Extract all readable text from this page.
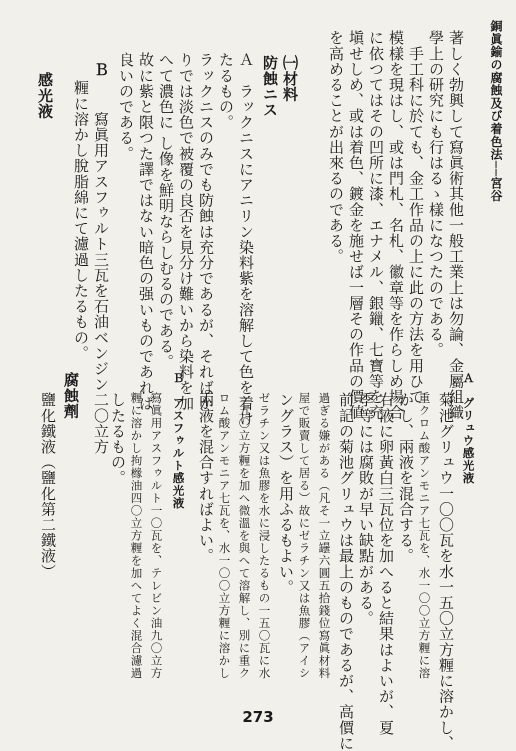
銅眞鍮の腐蝕及び着色法──宮谷
著しく勃興して寫眞術其他一般工業上は勿論、金屬組織
學上の研究にも行はるゝ樣になつたのである。
　手工科に於ても、金工作品の上に此の方法を用ひて
模樣を現はし、或は門札、名札、徽章等を作らしめ場合
に依つてはその凹所に漆、エナメル、銀鑞、七寶等を充
塡せしめ、或は着色、鍍金を施せば一層その作品の價値
を高めることが出來るのである。
㈠材料
防蝕ニス
Ａ　ラックニスにアニリン染料紫を溶解して色を着け
たるもの。
ラックニスのみでも防蝕は充分であるが、そればか
りでは淡色で被覆の良否を見分け難いから染料を加
へて濃色に し像を鮮明ならしむるのである。
故に紫と限つた譯ではない暗色の强いものであれば
良いのである。
Ｂ
　　寫眞用アスフゥルト三瓦を石油ベンジン二〇立方
糎に溶かし脫脂綿にて濾過したるもの。
感光液
Ａ　グリュウ感光液
菊池グリュウ一〇〇瓦を水一五〇立方糎に溶かし、
重クロム酸アンモニア七瓦を、水一〇〇立方糎に溶
かし、兩液を混合する。
右液に卵黃白三瓦位を加へると結果はよいが、夏
季等には腐敗が早い缺點がある。
前記の菊池グリュウは最上のものであるが、高價に
過ぎる嫌がある（凡そ一立罎六圓五拾錢位寫眞材料
屋で販賣して居る）故にゼラチン又は魚膠（アイシ
ングラス）を用ふるもよい。
ゼラチン又は魚膠を水に浸したるもの一五〇瓦に水
一五〇立方糎を加へ微溫を與へて溶解し、別に重ク
ロム酸アンモニア七瓦を、水一〇〇立方糎に溶かし
兩液を混合すればよい。
Ｂ　アスフゥルト感光液
寫眞用アスフゥルト一〇瓦を、テレビン油九〇立方
糎に溶かし拘橼油四〇立方糎を加へてよく混合濾過
したるもの。
腐蝕劑
鹽化鐵液（鹽化第二鐵液）
273
